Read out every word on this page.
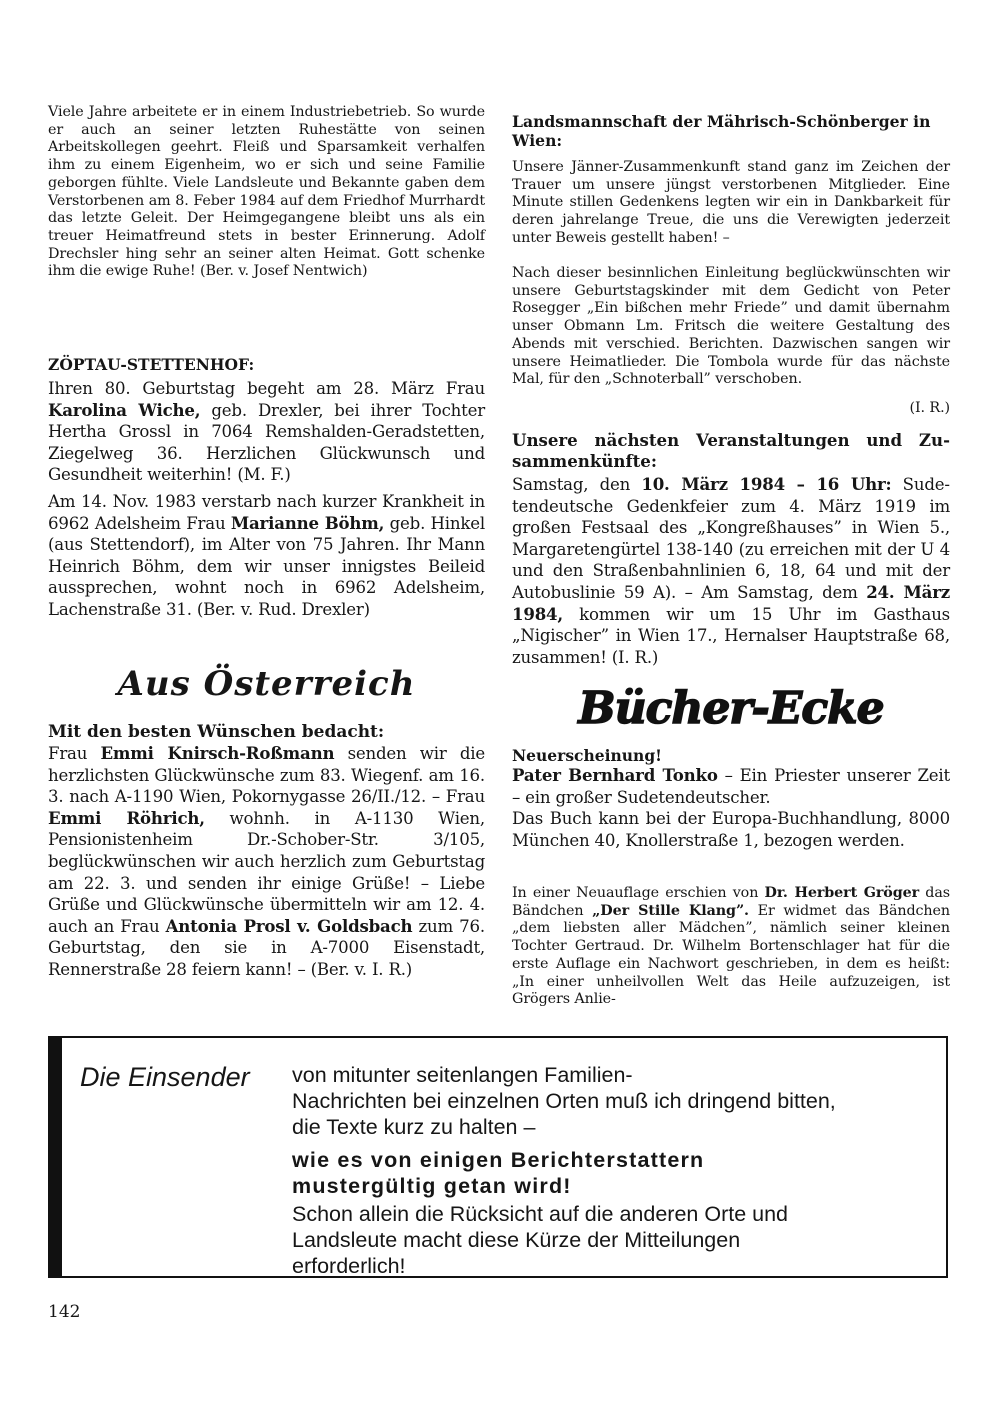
Viele Jahre arbeitete er in einem Industriebetrieb. So wurde er auch an seiner letzten Ruhestätte von seinen Arbeitskollegen geehrt. Fleiß und Sparsamkeit verhalfen ihm zu einem Eigenheim, wo er sich und seine Familie geborgen fühlte. Viele Landsleute und Bekannte gaben dem Verstorbenen am 8. Feber 1984 auf dem Friedhof Murrhardt das letzte Geleit. Der Heimgegangene bleibt uns als ein treuer Heimatfreund stets in bester Erinnerung. Adolf Drechsler hing sehr an seiner alten Heimat. Gott schenke ihm die ewige Ruhe! (Ber. v. Josef Nentwich)
ZÖPTAU-STETTENHOF:
Ihren 80. Geburtstag begeht am 28. März Frau Karolina Wiche, geb. Drexler, bei ihrer Tochter Hertha Grossl in 7064 Remshalden-Geradstetten, Ziegelweg 36. Herzlichen Glückwunsch und Gesundheit weiterhin! (M. F.)
Am 14. Nov. 1983 verstarb nach kurzer Krankheit in 6962 Adelsheim Frau Marianne Böhm, geb. Hinkel (aus Stettendorf), im Alter von 75 Jahren. Ihr Mann Heinrich Böhm, dem wir unser innigstes Beileid aussprechen, wohnt noch in 6962 Adelsheim, Lachenstraße 31. (Ber. v. Rud. Drexler)
Aus Österreich
Mit den besten Wünschen bedacht:
Frau Emmi Knirsch-Roßmann senden wir die herzlichsten Glückwünsche zum 83. Wiegenf. am 16. 3. nach A-1190 Wien, Pokornygasse 26/II./12. – Frau Emmi Röhrich, wohnh. in A-1130 Wien, Pensionistenheim Dr.-Schober-Str. 3/105, beglückwünschen wir auch herzlich zum Geburtstag am 22. 3. und senden ihr einige Grüße! – Liebe Grüße und Glückwünsche übermitteln wir am 12. 4. auch an Frau Antonia Prosl v. Goldsbach zum 76. Geburtstag, den sie in A-7000 Eisenstadt, Rennerstraße 28 feiern kann! – (Ber. v. I. R.)
Landsmannschaft der Mährisch-Schönberger in Wien:
Unsere Jänner-Zusammenkunft stand ganz im Zeichen der Trauer um unsere jüngst verstorbenen Mitglieder. Eine Minute stillen Gedenkens legten wir ein in Dankbarkeit für deren jahrelange Treue, die uns die Verewigten jederzeit unter Beweis gestellt haben! –
Nach dieser besinnlichen Einleitung beglückwünschten wir unsere Geburtstagskinder mit dem Gedicht von Peter Rosegger „Ein bißchen mehr Friede” und damit übernahm unser Obmann Lm. Fritsch die weitere Gestaltung des Abends mit verschied. Berichten. Dazwischen sangen wir unsere Heimatlieder. Die Tombola wurde für das nächste Mal, für den „Schnoterball” verschoben.
(I. R.)
Unsere nächsten Veranstaltungen und Zusammenkünfte:
Samstag, den 10. März 1984 – 16 Uhr: Sudetendeutsche Gedenkfeier zum 4. März 1919 im großen Festsaal des „Kongreßhauses” in Wien 5., Margaretengürtel 138-140 (zu erreichen mit der U 4 und den Straßenbahnlinien 6, 18, 64 und mit der Autobuslinie 59 A). – Am Samstag, dem 24. März 1984, kommen wir um 15 Uhr im Gasthaus „Nigischer” in Wien 17., Hernalser Hauptstraße 68, zusammen! (I. R.)
Bücher-Ecke
Neuerscheinung!
Pater Bernhard Tonko – Ein Priester unserer Zeit – ein großer Sudetendeutscher.
Das Buch kann bei der Europa-Buchhandlung, 8000 München 40, Knollerstraße 1, bezogen werden.
In einer Neuauflage erschien von Dr. Herbert Gröger das Bändchen „Der Stille Klang”. Er widmet das Bändchen „dem liebsten aller Mädchen”, nämlich seiner kleinen Tochter Gertraud. Dr. Wilhelm Bortenschlager hat für die erste Auflage ein Nachwort geschrieben, in dem es heißt: „In einer unheilvollen Welt das Heile aufzuzeigen, ist Grögers Anlie-
Die Einsender von mitunter seitenlangen Familien-
Nachrichten bei einzelnen Orten muß ich dringend bitten,
die Texte kurz zu halten –
wie es von einigen Berichterstattern
mustergültig getan wird!
Schon allein die Rücksicht auf die anderen Orte und
Landsleute macht diese Kürze der Mitteilungen
erforderlich!
142
